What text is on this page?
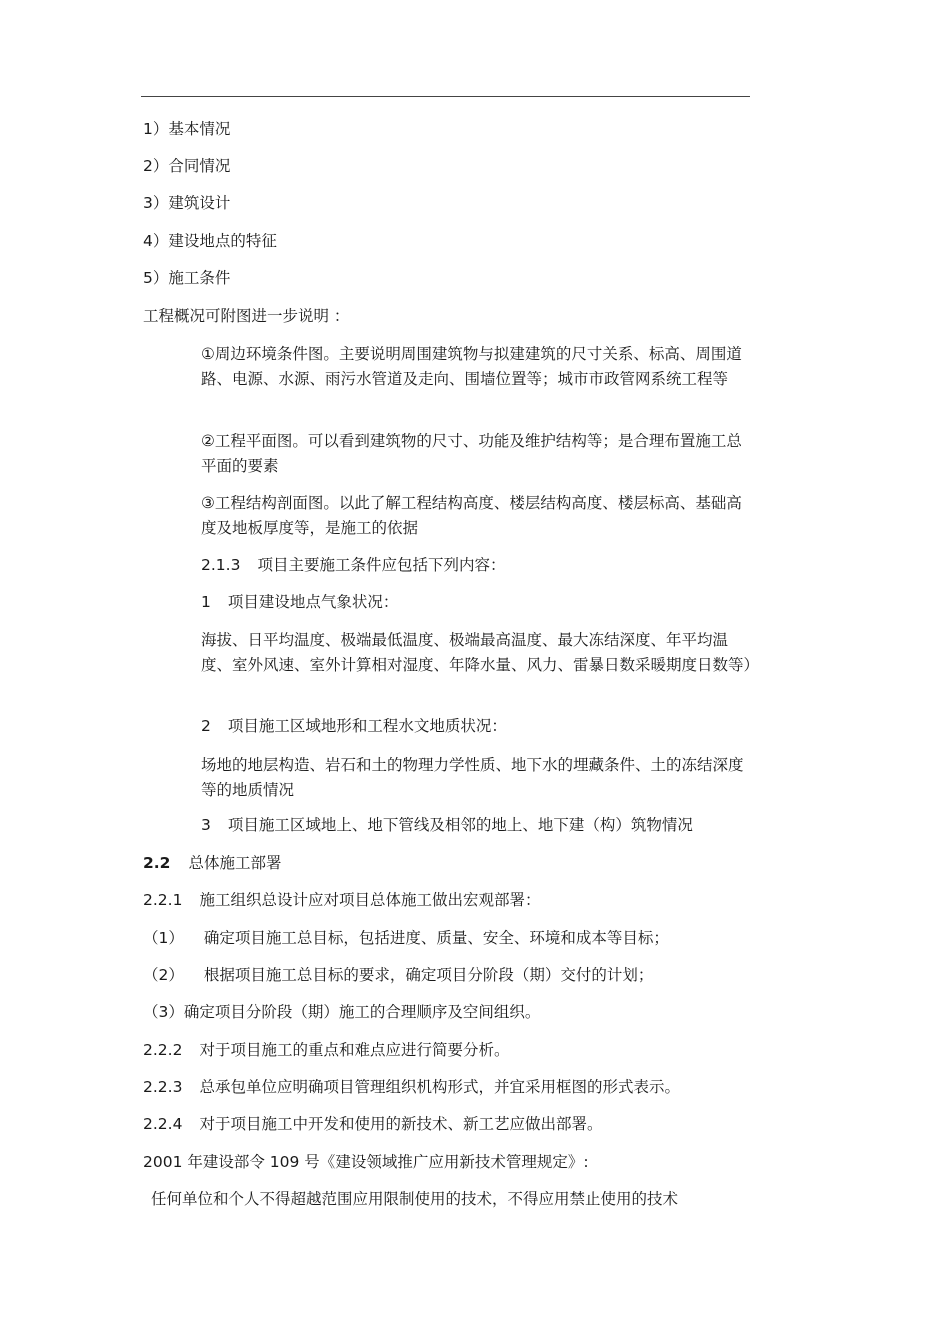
1）基本情况
2）合同情况
3）建筑设计
4）建设地点的特征
5）施工条件
工程概况可附图进一步说明 ：
①周边环境条件图。主要说明周围建筑物与拟建建筑的尺寸关系、标高、周围道路、电源、水源、雨污水管道及走向、围墙位置等；城市市政管网系统工程等
②工程平面图。可以看到建筑物的尺寸、功能及维护结构等；是合理布置施工总平面的要素
③工程结构剖面图。以此了解工程结构高度、楼层结构高度、楼层标高、基础高度及地板厚度等，是施工的依据
2.1.3 项目主要施工条件应包括下列内容：
1 项目建设地点气象状况：
海拔、日平均温度、极端最低温度、极端最高温度、最大冻结深度、年平均温度、室外风速、室外计算相对湿度、年降水量、风力、雷暴日数采暖期度日数等）
2 项目施工区域地形和工程水文地质状况：
场地的地层构造、岩石和土的物理力学性质、地下水的埋藏条件、土的冻结深度等的地质情况
3 项目施工区域地上、地下管线及相邻的地上、地下建（构）筑物情况
2.2 总体施工部署
2.2.1 施工组织总设计应对项目总体施工做出宏观部署：
（1） 确定项目施工总目标，包括进度、质量、安全、环境和成本等目标；
（2） 根据项目施工总目标的要求，确定项目分阶段（期）交付的计划；
（3）确定项目分阶段（期）施工的合理顺序及空间组织。
2.2.2 对于项目施工的重点和难点应进行简要分析。
2.2.3 总承包单位应明确项目管理组织机构形式，并宜采用框图的形式表示。
2.2.4 对于项目施工中开发和使用的新技术、新工艺应做出部署。
2001 年建设部令 109 号《建设领域推广应用新技术管理规定》:
任何单位和个人不得超越范围应用限制使用的技术，不得应用禁止使用的技术
